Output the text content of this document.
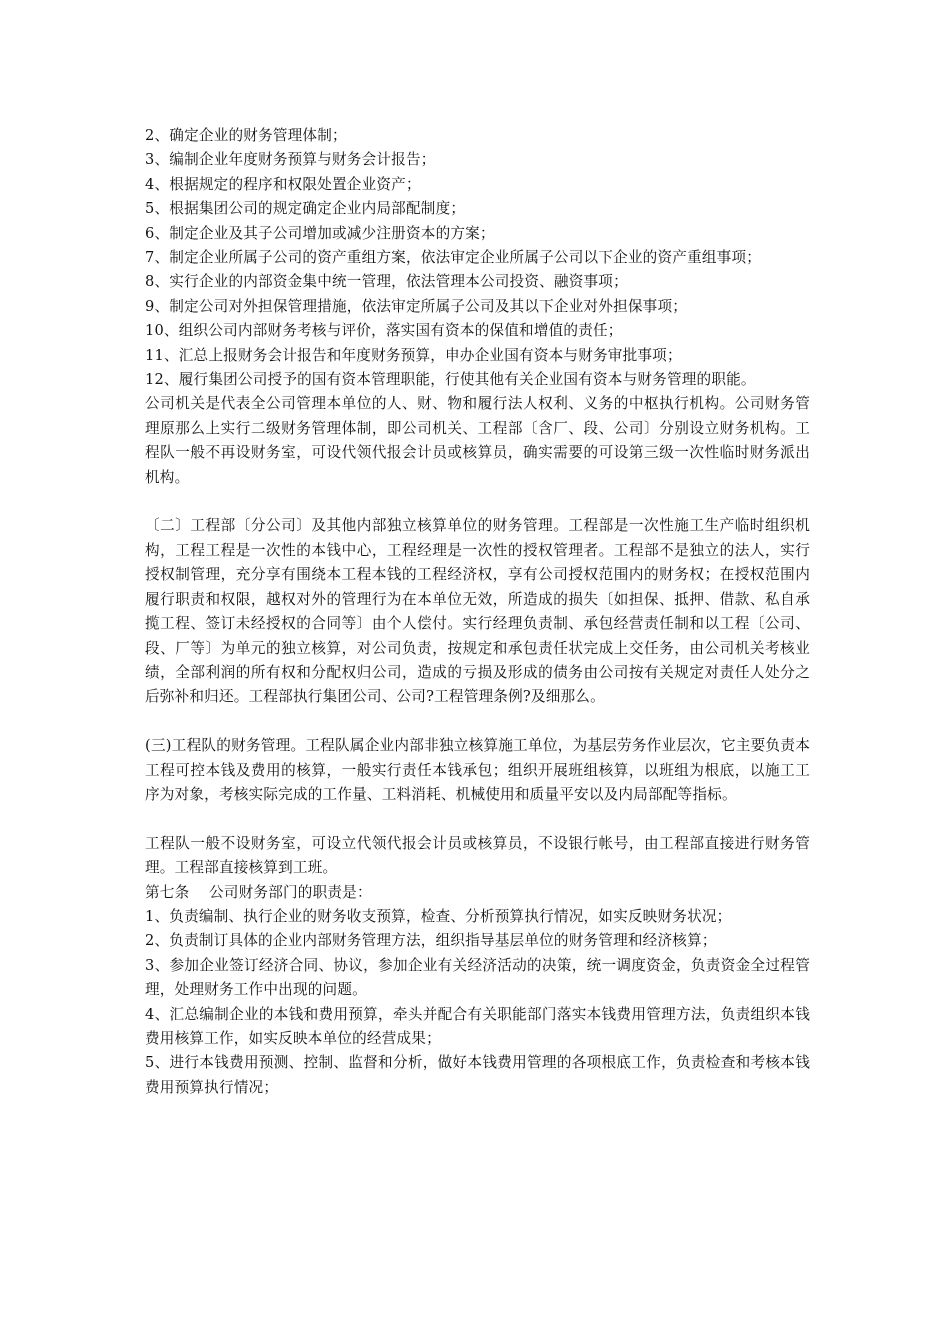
2、确定企业的财务管理体制；
3、编制企业年度财务预算与财务会计报告；
4、根据规定的程序和权限处置企业资产；
5、根据集团公司的规定确定企业内局部配制度；
6、制定企业及其子公司增加或减少注册资本的方案；
7、制定企业所属子公司的资产重组方案，依法审定企业所属子公司以下企业的资产重组事项；
8、实行企业的内部资金集中统一管理，依法管理本公司投资、融资事项；
9、制定公司对外担保管理措施，依法审定所属子公司及其以下企业对外担保事项；
10、组织公司内部财务考核与评价，落实国有资本的保值和增值的责任；
11、汇总上报财务会计报告和年度财务预算，申办企业国有资本与财务审批事项；
12、履行集团公司授予的国有资本管理职能，行使其他有关企业国有资本与财务管理的职能。
公司机关是代表全公司管理本单位的人、财、物和履行法人权利、义务的中枢执行机构。公司财务管理原那么上实行二级财务管理体制，即公司机关、工程部〔含厂、段、公司〕分别设立财务机构。工程队一般不再设财务室，可设代领代报会计员或核算员，确实需要的可设第三级一次性临时财务派出机构。
〔二〕工程部〔分公司〕及其他内部独立核算单位的财务管理。工程部是一次性施工生产临时组织机构，工程工程是一次性的本钱中心，工程经理是一次性的授权管理者。工程部不是独立的法人，实行授权制管理，充分享有围绕本工程本钱的工程经济权，享有公司授权范围内的财务权；在授权范围内履行职责和权限，越权对外的管理行为在本单位无效，所造成的损失〔如担保、抵押、借款、私自承揽工程、签订未经授权的合同等〕由个人偿付。实行经理负责制、承包经营责任制和以工程〔公司、段、厂等〕为单元的独立核算，对公司负责，按规定和承包责任状完成上交任务，由公司机关考核业绩，全部利润的所有权和分配权归公司，造成的亏损及形成的债务由公司按有关规定对责任人处分之后弥补和归还。工程部执行集团公司、公司?工程管理条例?及细那么。
(三)工程队的财务管理。工程队属企业内部非独立核算施工单位，为基层劳务作业层次，它主要负责本工程可控本钱及费用的核算，一般实行责任本钱承包；组织开展班组核算，以班组为根底，以施工工序为对象，考核实际完成的工作量、工料消耗、机械使用和质量平安以及内局部配等指标。
工程队一般不设财务室，可设立代领代报会计员或核算员，不设银行帐号，由工程部直接进行财务管理。工程部直接核算到工班。
第七条　 公司财务部门的职责是：
1、负责编制、执行企业的财务收支预算，检查、分析预算执行情况，如实反映财务状况；
2、负责制订具体的企业内部财务管理方法，组织指导基层单位的财务管理和经济核算；
3、参加企业签订经济合同、协议，参加企业有关经济活动的决策，统一调度资金，负责资金全过程管理，处理财务工作中出现的问题。
4、汇总编制企业的本钱和费用预算，牵头并配合有关职能部门落实本钱费用管理方法，负责组织本钱费用核算工作，如实反映本单位的经营成果；
5、进行本钱费用预测、控制、监督和分析，做好本钱费用管理的各项根底工作，负责检查和考核本钱费用预算执行情况；
